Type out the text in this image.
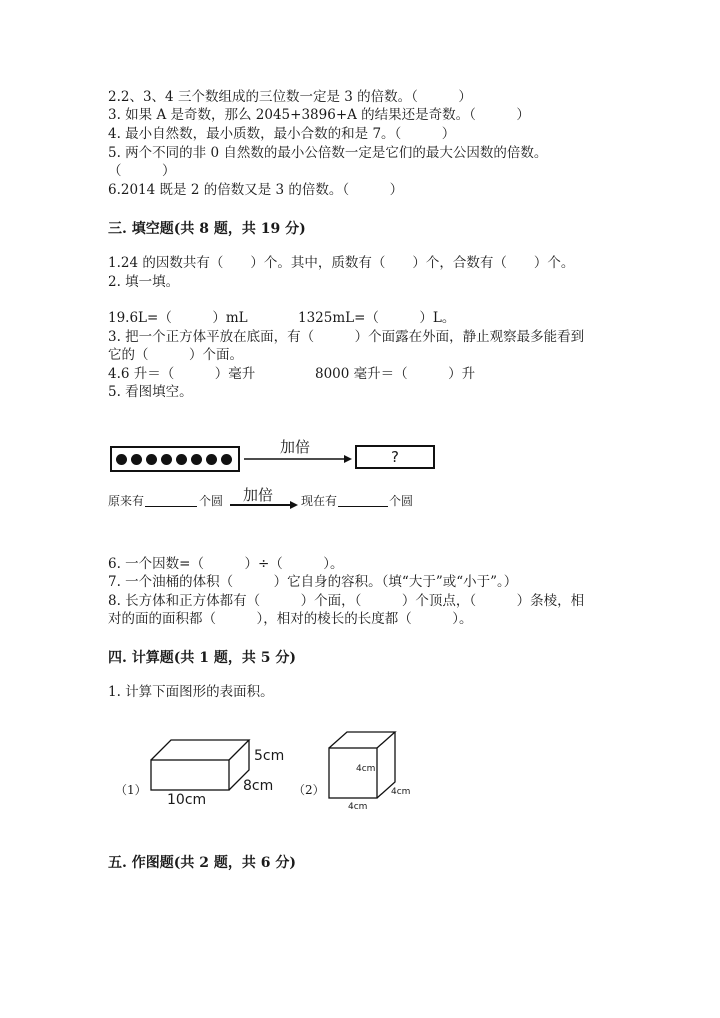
2.2、3、4 三个数组成的三位数一定是 3 的倍数。（　　　）
3. 如果 A 是奇数，那么 2045+3896+A 的结果还是奇数。（　　　）
4. 最小自然数，最小质数，最小合数的和是 7。（　　　）
5. 两个不同的非 0 自然数的最小公倍数一定是它们的最大公因数的倍数。
（　　　）
6.2014 既是 2 的倍数又是 3 的倍数。（　　　）
三. 填空题(共 8 题，共 19 分)
1.24 的因数共有（　　）个。其中，质数有（　　）个，合数有（　　）个。
2. 填一填。
19.6L=（　　　）mL	1325mL=（　　　）L。
3. 把一个正方体平放在底面，有（　　　）个面露在外面，静止观察最多能看到
它的（　　　）个面。
4.6 升＝（　　　）毫升	8000 毫升＝（　　　）升
5. 看图填空。
加倍
?
原来有	个圆 加倍 现在有	个圆
6. 一个因数=（　　　）÷（　　　）。
7. 一个油桶的体积（　　　）它自身的容积。（填“大于”或“小于”。）
8. 长方体和正方体都有（　　　）个面，（　　　）个顶点，（　　　）条棱，相
对的面的面积都（　　　），相对的棱长的长度都（　　　）。
四. 计算题(共 1 题，共 5 分)
1. 计算下面图形的表面积。
（1）
5cm
8cm
10cm
（2）
4cm
4cm
4cm
五. 作图题(共 2 题，共 6 分)
